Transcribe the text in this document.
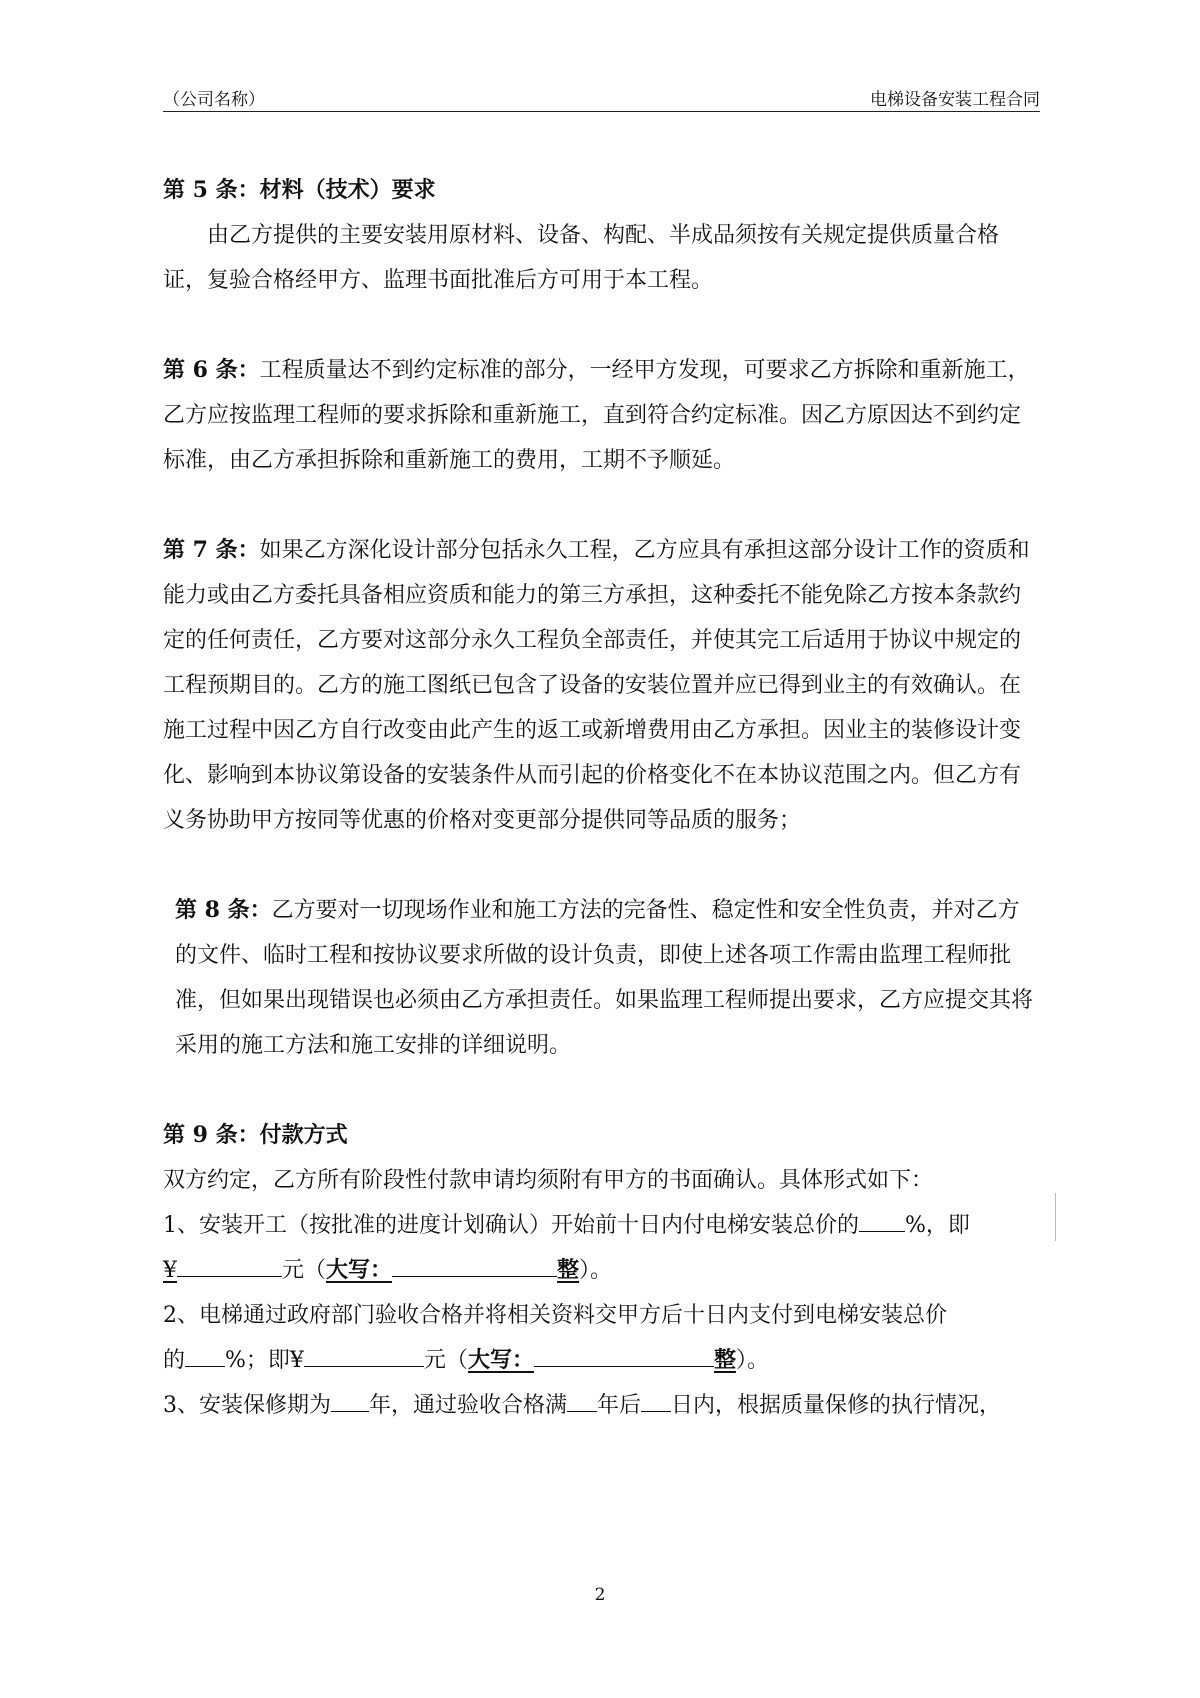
（公司名称）	电梯设备安装工程合同

第 5 条：材料（技术）要求

由乙方提供的主要安装用原材料、设备、构配、半成品须按有关规定提供质量合格证，复验合格经甲方、监理书面批准后方可用于本工程。

第 6 条：工程质量达不到约定标准的部分，一经甲方发现，可要求乙方拆除和重新施工，乙方应按监理工程师的要求拆除和重新施工，直到符合约定标准。因乙方原因达不到约定标准，由乙方承担拆除和重新施工的费用，工期不予顺延。

第 7 条：如果乙方深化设计部分包括永久工程，乙方应具有承担这部分设计工作的资质和能力或由乙方委托具备相应资质和能力的第三方承担，这种委托不能免除乙方按本条款约定的任何责任，乙方要对这部分永久工程负全部责任，并使其完工后适用于协议中规定的工程预期目的。乙方的施工图纸已包含了设备的安装位置并应已得到业主的有效确认。在施工过程中因乙方自行改变由此产生的返工或新增费用由乙方承担。因业主的装修设计变化、影响到本协议第设备的安装条件从而引起的价格变化不在本协议范围之内。但乙方有义务协助甲方按同等优惠的价格对变更部分提供同等品质的服务；

第 8 条：乙方要对一切现场作业和施工方法的完备性、稳定性和安全性负责，并对乙方的文件、临时工程和按协议要求所做的设计负责，即使上述各项工作需由监理工程师批准，但如果出现错误也必须由乙方承担责任。如果监理工程师提出要求，乙方应提交其将采用的施工方法和施工安排的详细说明。

第 9 条：付款方式

双方约定，乙方所有阶段性付款申请均须附有甲方的书面确认。具体形式如下：

1、安装开工（按批准的进度计划确认）开始前十日内付电梯安装总价的 %，即

¥	元（大写：	整）。

2、电梯通过政府部门验收合格并将相关资料交甲方后十日内支付到电梯安装总价

的 %；即¥	元（大写：	整）。

3、安装保修期为 年，通过验收合格满 年后 日内，根据质量保修的执行情况，

2
